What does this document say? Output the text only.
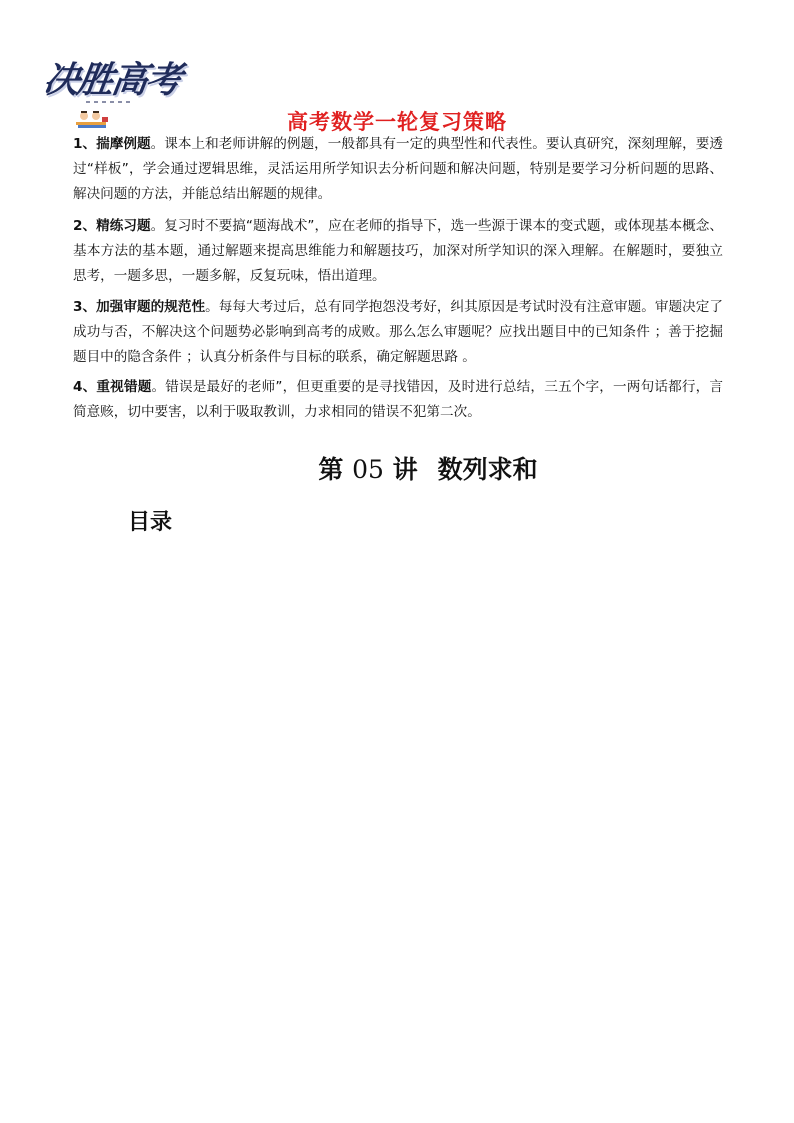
决胜高考
高考数学一轮复习策略
1、揣摩例题。课本上和老师讲解的例题，一般都具有一定的典型性和代表性。要认真研究，深刻理解，要透过“样板”，学会通过逻辑思维，灵活运用所学知识去分析问题和解决问题，特别是要学习分析问题的思路、解决问题的方法，并能总结出解题的规律。
2、精练习题。复习时不要搞“题海战术”，应在老师的指导下，选一些源于课本的变式题，或体现基本概念、基本方法的基本题，通过解题来提高思维能力和解题技巧，加深对所学知识的深入理解。在解题时，要独立思考，一题多思，一题多解，反复玩味，悟出道理。
3、加强审题的规范性。每每大考过后，总有同学抱怨没考好，纠其原因是考试时没有注意审题。审题决定了成功与否，不解决这个问题势必影响到高考的成败。那么怎么审题呢？应找出题目中的已知条件 ；善于挖掘题目中的隐含条件 ；认真分析条件与目标的联系，确定解题思路 。
4、重视错题。错误是最好的老师”，但更重要的是寻找错因，及时进行总结，三五个字，一两句话都行，言简意赅，切中要害，以利于吸取教训，力求相同的错误不犯第二次。
第 05 讲 数列求和
目录
